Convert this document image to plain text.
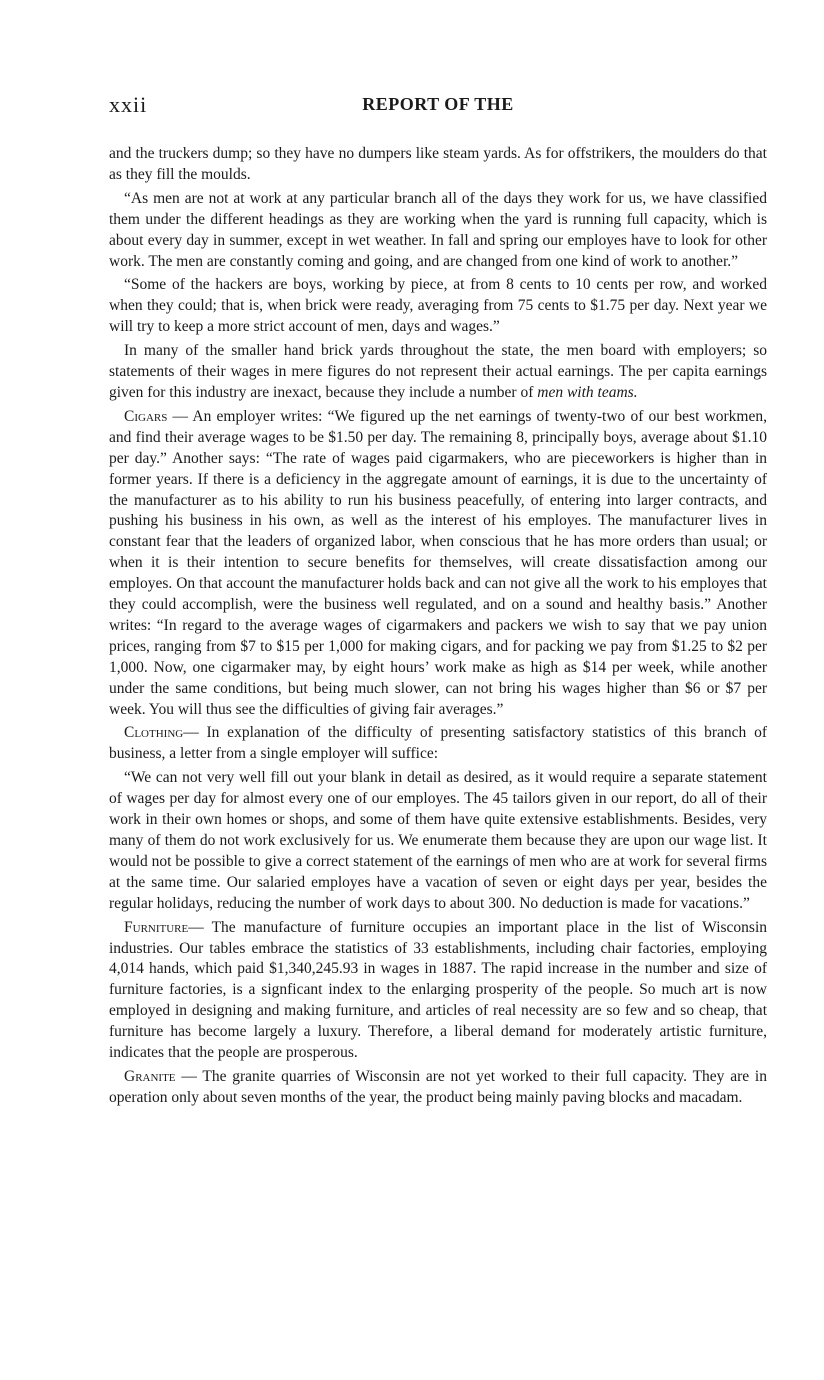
xxii	REPORT OF THE

and the truckers dump; so they have no dumpers like steam yards. As for offstrikers, the moulders do that as they fill the moulds.

“As men are not at work at any particular branch all of the days they work for us, we have classified them under the different headings as they are working when the yard is running full capacity, which is about every day in summer, except in wet weather. In fall and spring our employes have to look for other work. The men are constantly coming and going, and are changed from one kind of work to another.”

“Some of the hackers are boys, working by piece, at from 8 cents to 10 cents per row, and worked when they could; that is, when brick were ready, averaging from 75 cents to $1.75 per day. Next year we will try to keep a more strict account of men, days and wages.”

In many of the smaller hand brick yards throughout the state, the men board with employers; so statements of their wages in mere figures do not represent their actual earnings. The per capita earnings given for this industry are inexact, because they include a number of men with teams.

Cigars — An employer writes: “We figured up the net earnings of twenty-two of our best workmen, and find their average wages to be $1.50 per day. The remaining 8, principally boys, average about $1.10 per day.” Another says: “The rate of wages paid cigarmakers, who are pieceworkers is higher than in former years. If there is a deficiency in the aggregate amount of earnings, it is due to the uncertainty of the manufacturer as to his ability to run his business peacefully, of entering into larger contracts, and pushing his business in his own, as well as the interest of his employes. The manufacturer lives in constant fear that the leaders of organized labor, when conscious that he has more orders than usual; or when it is their intention to secure benefits for themselves, will create dissatisfaction among our employes. On that account the manufacturer holds back and can not give all the work to his employes that they could accomplish, were the business well regulated, and on a sound and healthy basis.” Another writes: “In regard to the average wages of cigarmakers and packers we wish to say that we pay union prices, ranging from $7 to $15 per 1,000 for making cigars, and for packing we pay from $1.25 to $2 per 1,000. Now, one cigarmaker may, by eight hours’ work make as high as $14 per week, while another under the same conditions, but being much slower, can not bring his wages higher than $6 or $7 per week. You will thus see the difficulties of giving fair averages.”

Clothing— In explanation of the difficulty of presenting satisfactory statistics of this branch of business, a letter from a single employer will suffice:

“We can not very well fill out your blank in detail as desired, as it would require a separate statement of wages per day for almost every one of our employes. The 45 tailors given in our report, do all of their work in their own homes or shops, and some of them have quite extensive establishments. Besides, very many of them do not work exclusively for us. We enumerate them because they are upon our wage list. It would not be possible to give a correct statement of the earnings of men who are at work for several firms at the same time. Our salaried employes have a vacation of seven or eight days per year, besides the regular holidays, reducing the number of work days to about 300. No deduction is made for vacations.”

Furniture— The manufacture of furniture occupies an important place in the list of Wisconsin industries. Our tables embrace the statistics of 33 establishments, including chair factories, employing 4,014 hands, which paid $1,340,245.93 in wages in 1887. The rapid increase in the number and size of furniture factories, is a signficant index to the enlarging prosperity of the people. So much art is now employed in designing and making furniture, and articles of real necessity are so few and so cheap, that furniture has become largely a luxury. Therefore, a liberal demand for moderately artistic furniture, indicates that the people are prosperous.

Granite — The granite quarries of Wisconsin are not yet worked to their full capacity. They are in operation only about seven months of the year, the product being mainly paving blocks and macadam.
